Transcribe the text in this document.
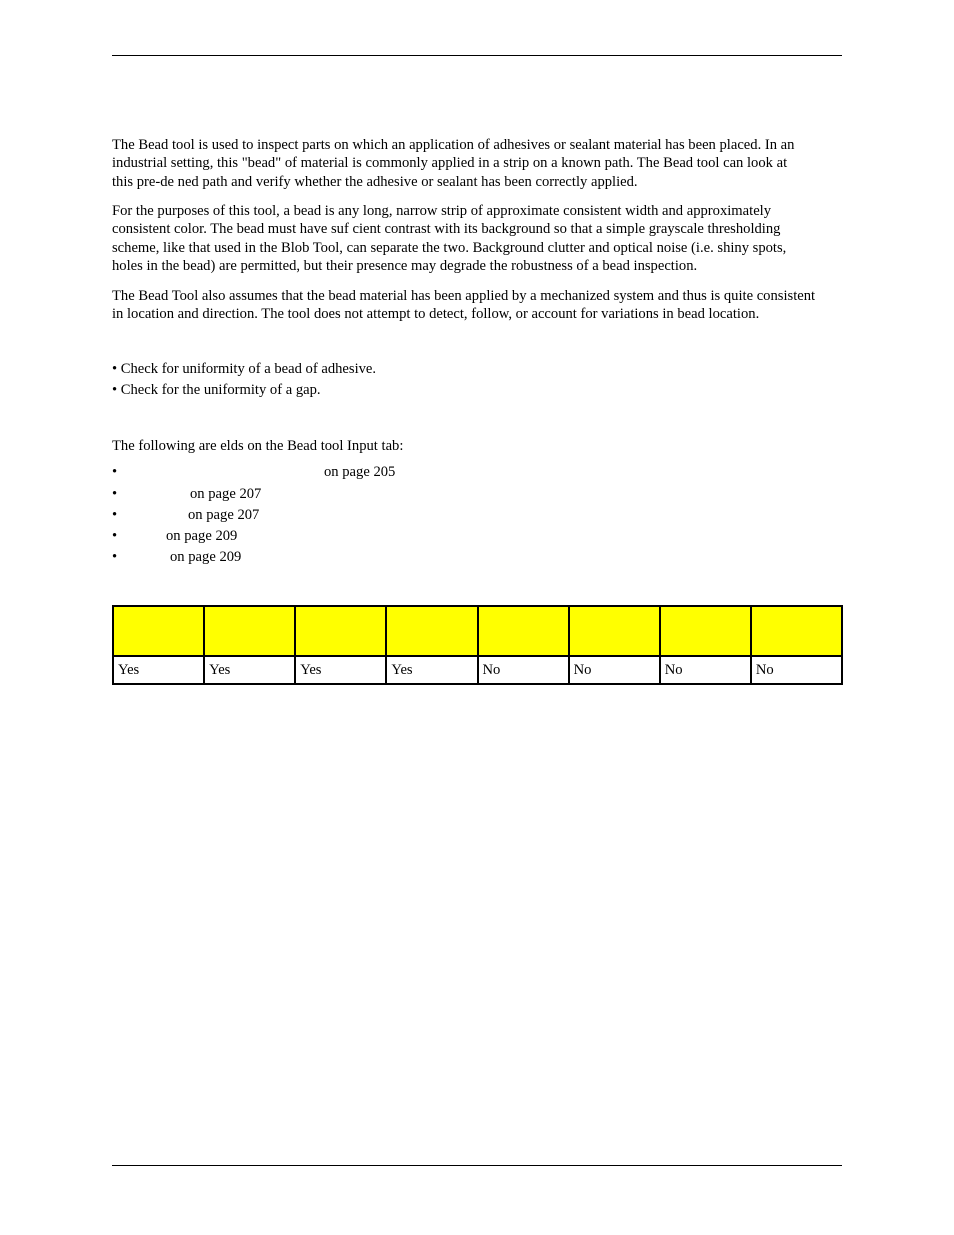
The Bead tool is used to inspect parts on which an application of adhesives or sealant material has been placed. In an
industrial setting, this "bead" of material is commonly applied in a strip on a known path. The Bead tool can look at
this pre-de ned path and verify whether the adhesive or sealant has been correctly applied.

For the purposes of this tool, a bead is any long, narrow strip of approximate consistent width and approximately
consistent color. The bead must have suf cient contrast with its background so that a simple grayscale thresholding
scheme, like that used in the Blob Tool, can separate the two. Background clutter and optical noise (i.e. shiny spots,
holes in the bead) are permitted, but their presence may degrade the robustness of a bead inspection.

The Bead Tool also assumes that the bead material has been applied by a mechanized system and thus is quite consistent
in location and direction. The tool does not attempt to detect, follow, or account for variations in bead location.

• Check for uniformity of a bead of adhesive.
• Check for the uniformity of a gap.
The following are elds on the Bead tool Input tab:
•	on page 205
•	on page 207
•	on page 207
•	on page 209
•	on page 209

Yes	Yes	Yes	Yes	No	No	No	No
